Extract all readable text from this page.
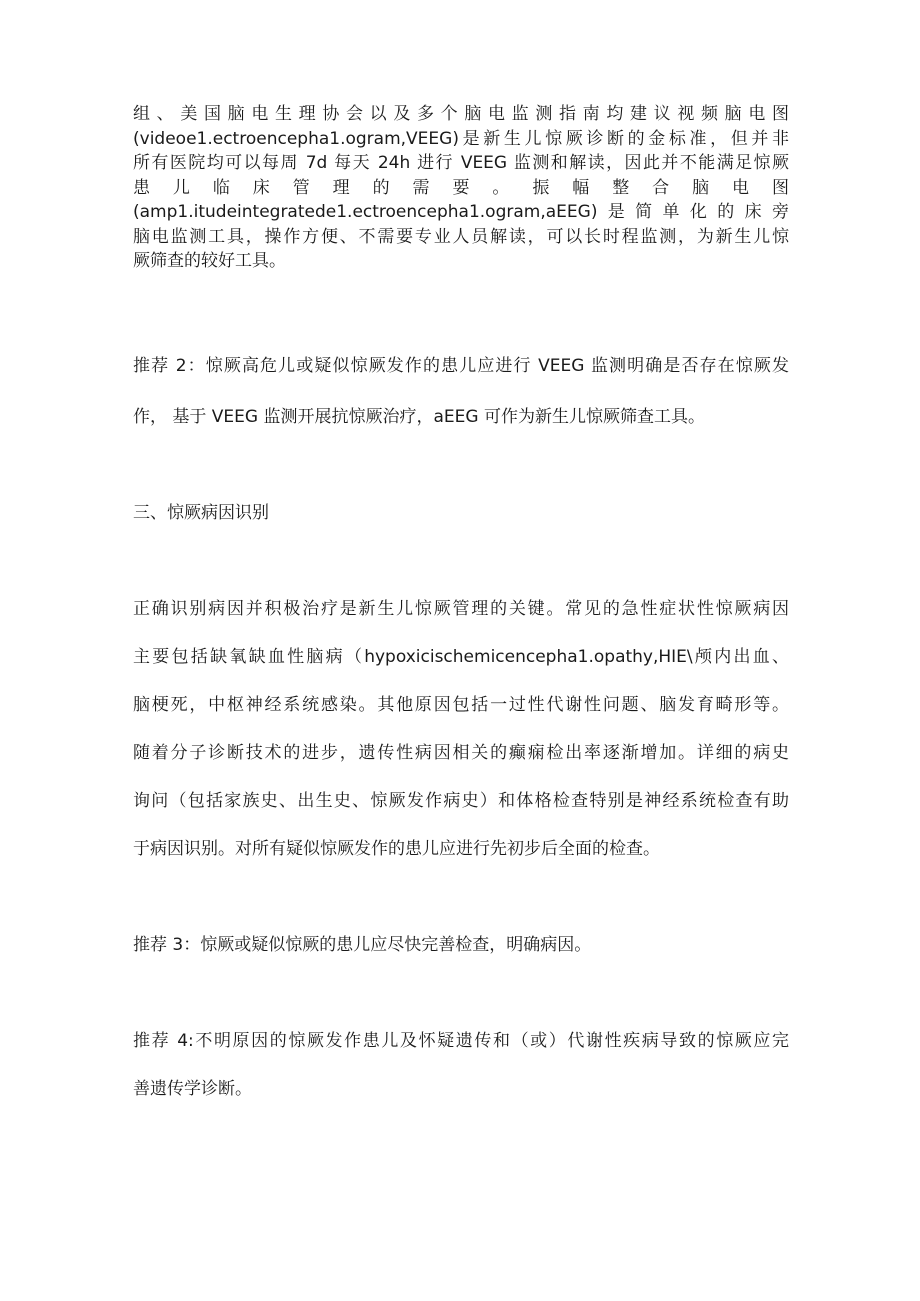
组、美国脑电生理协会以及多个脑电监测指南均建议视频脑电图
(videoe1.ectroencepha1.ogram,VEEG)是新生儿惊厥诊断的金标准，但并非
所有医院均可以每周 7d 每天 24h 进行 VEEG 监测和解读，因此并不能满足惊厥
患儿临床管理的需要。振幅整合脑电图
(amp1.itudeintegratede1.ectroencepha1.ogram,aEEG)是简单化的床旁
脑电监测工具，操作方便、不需要专业人员解读，可以长时程监测，为新生儿惊
厥筛查的较好工具。
推荐 2：惊厥高危儿或疑似惊厥发作的患儿应进行 VEEG 监测明确是否存在惊厥发
作， 基于 VEEG 监测开展抗惊厥治疗，aEEG 可作为新生儿惊厥筛查工具。
三、惊厥病因识别
正确识别病因并积极治疗是新生儿惊厥管理的关键。常见的急性症状性惊厥病因
主要包括缺氧缺血性脑病（hypoxicischemicencepha1.opathy,HIE\颅内出血、
脑梗死，中枢神经系统感染。其他原因包括一过性代谢性问题、脑发育畸形等。
随着分子诊断技术的进步，遗传性病因相关的癫痫检出率逐渐增加。详细的病史
询问（包括家族史、出生史、惊厥发作病史）和体格检查特别是神经系统检查有助
于病因识别。对所有疑似惊厥发作的患儿应进行先初步后全面的检查。
推荐 3：惊厥或疑似惊厥的患儿应尽快完善检查，明确病因。
推荐 4:不明原因的惊厥发作患儿及怀疑遗传和（或）代谢性疾病导致的惊厥应完
善遗传学诊断。
